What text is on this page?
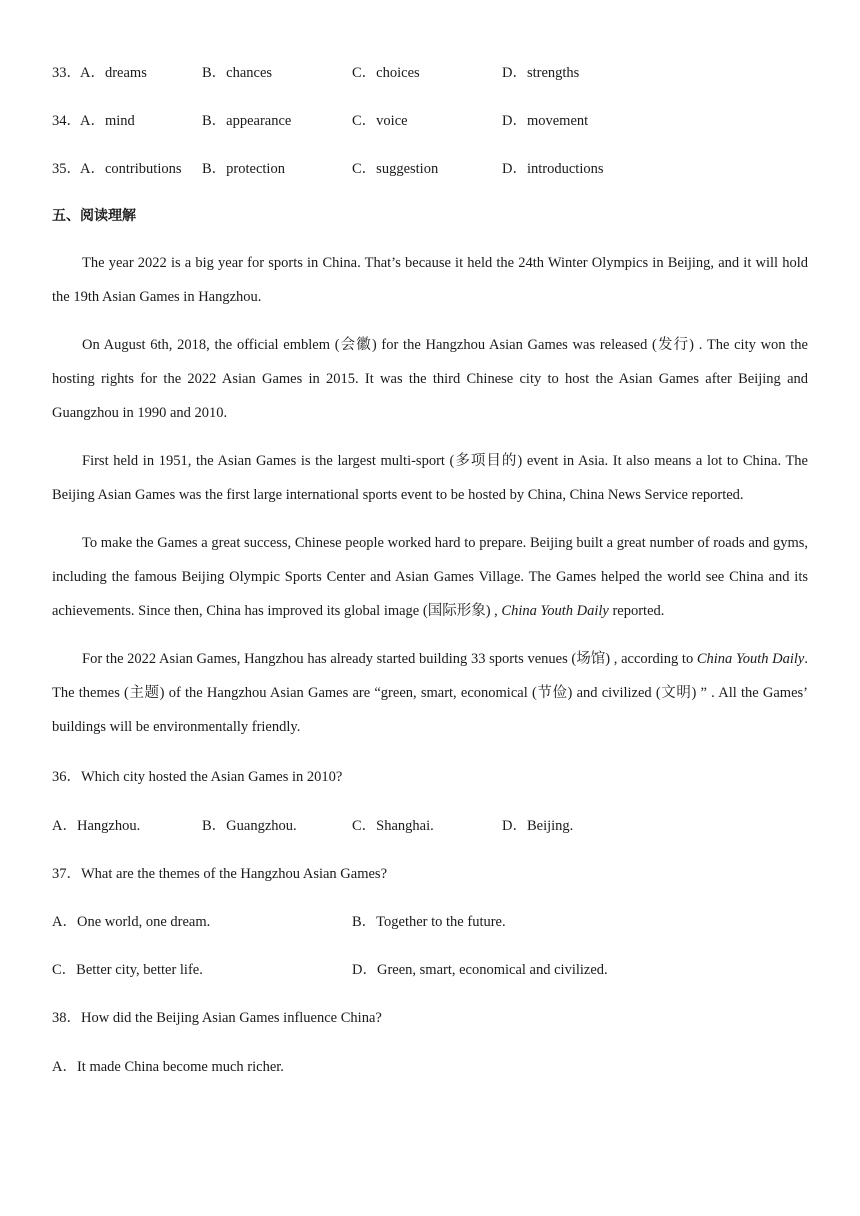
33． A．dreams	B．chances	C．choices	D．strengths
34． A．mind	B．appearance	C．voice	D．movement
35． A．contributions B．protection	C．suggestion	D．introductions
五、阅读理解

The year 2022 is a big year for sports in China. That’s because it held the 24th Winter Olympics in Beijing, and it will hold the 19th Asian Games in Hangzhou.

On August 6th, 2018, the official emblem (会徽) for the Hangzhou Asian Games was released (发行) . The city won the hosting rights for the 2022 Asian Games in 2015. It was the third Chinese city to host the Asian Games after Beijing and Guangzhou in 1990 and 2010.

First held in 1951, the Asian Games is the largest multi-sport (多项目的) event in Asia. It also means a lot to China. The Beijing Asian Games was the first large international sports event to be hosted by China, China News Service reported.

To make the Games a great success, Chinese people worked hard to prepare. Beijing built a great number of roads and gyms, including the famous Beijing Olympic Sports Center and Asian Games Village. The Games helped the world see China and its achievements. Since then, China has improved its global image (国际形象) , China Youth Daily reported.

For the 2022 Asian Games, Hangzhou has already started building 33 sports venues (场馆) , according to China Youth Daily. The themes (主题) of the Hangzhou Asian Games are “green, smart, economical (节俭) and civilized (文明) ” . All the Games’ buildings will be environmentally friendly.

36．Which city hosted the Asian Games in 2010?
A．Hangzhou.	B．Guangzhou.	C．Shanghai.	D．Beijing.
37．What are the themes of the Hangzhou Asian Games?
A．One world, one dream.	B．Together to the future.
C．Better city, better life.	D．Green, smart, economical and civilized.
38．How did the Beijing Asian Games influence China?
A．It made China become much richer.
